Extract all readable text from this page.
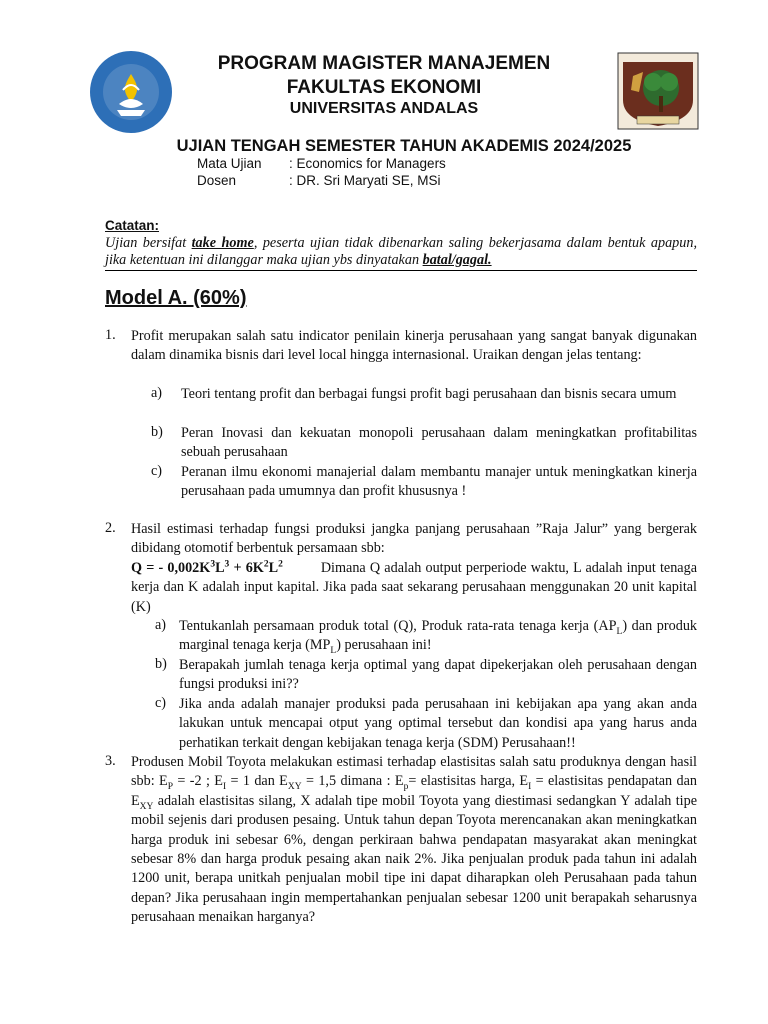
PROGRAM MAGISTER MANAJEMEN
FAKULTAS EKONOMI
UNIVERSITAS ANDALAS
UJIAN TENGAH SEMESTER TAHUN AKADEMIS 2024/2025
Mata Ujian : Economics for Managers
Dosen	: DR. Sri Maryati SE, MSi
Catatan:
Ujian bersifat take home, peserta ujian tidak dibenarkan saling bekerjasama dalam bentuk apapun, jika ketentuan ini dilanggar maka ujian ybs dinyatakan batal/gagal.
Model A. (60%)
1. Profit merupakan salah satu indicator penilain kinerja perusahaan yang sangat banyak digunakan dalam dinamika bisnis dari level local hingga internasional. Uraikan dengan jelas tentang:
a) Teori tentang profit dan berbagai fungsi profit bagi perusahaan dan bisnis secara umum
b) Peran Inovasi dan kekuatan monopoli perusahaan dalam meningkatkan profitabilitas sebuah perusahaan
c) Peranan ilmu ekonomi manajerial dalam membantu manajer untuk meningkatkan kinerja perusahaan pada umumnya dan profit khususnya !
2. Hasil estimasi terhadap fungsi produksi jangka panjang perusahaan ”Raja Jalur” yang bergerak dibidang otomotif berbentuk persamaan sbb:
Q = - $0,002K^3L^3 + 6K^2L^2$	Dimana Q adalah output perperiode waktu, L adalah input tenaga kerja dan K adalah input kapital. Jika pada saat sekarang perusahaan menggunakan 20 unit kapital (K)
a) Tentukanlah persamaan produk total (Q), Produk rata-rata tenaga kerja $(AP_L)$ dan produk marginal tenaga kerja $(MP_L)$ perusahaan ini!
b) Berapakah jumlah tenaga kerja optimal yang dapat dipekerjakan oleh perusahaan dengan fungsi produksi ini??
c) Jika anda adalah manajer produksi pada perusahaan ini kebijakan apa yang akan anda lakukan untuk mencapai otput yang optimal tersebut dan kondisi apa yang harus anda perhatikan terkait dengan kebijakan tenaga kerja (SDM) Perusahaan!!
3. Produsen Mobil Toyota melakukan estimasi terhadap elastisitas salah satu produknya dengan hasil sbb: $E_P = -2$ ; $E_I = 1$ dan $E_{XY} = 1,5$ dimana : $E_p=$ elastisitas harga, $E_I$ = elastisitas pendapatan dan $E_{XY}$ adalah elastisitas silang, X adalah tipe mobil Toyota yang diestimasi sedangkan Y adalah tipe mobil sejenis dari produsen pesaing. Untuk tahun depan Toyota merencanakan akan meningkatkan harga produk ini sebesar 6%, dengan perkiraan bahwa pendapatan masyarakat akan meningkat sebesar 8% dan harga produk pesaing akan naik 2%. Jika penjualan produk pada tahun ini adalah 1200 unit, berapa unitkah penjualan mobil tipe ini dapat diharapkan oleh Perusahaan pada tahun depan? Jika perusahaan ingin mempertahankan penjualan sebesar 1200 unit berapakah seharusnya perusahaan menaikan harganya?
